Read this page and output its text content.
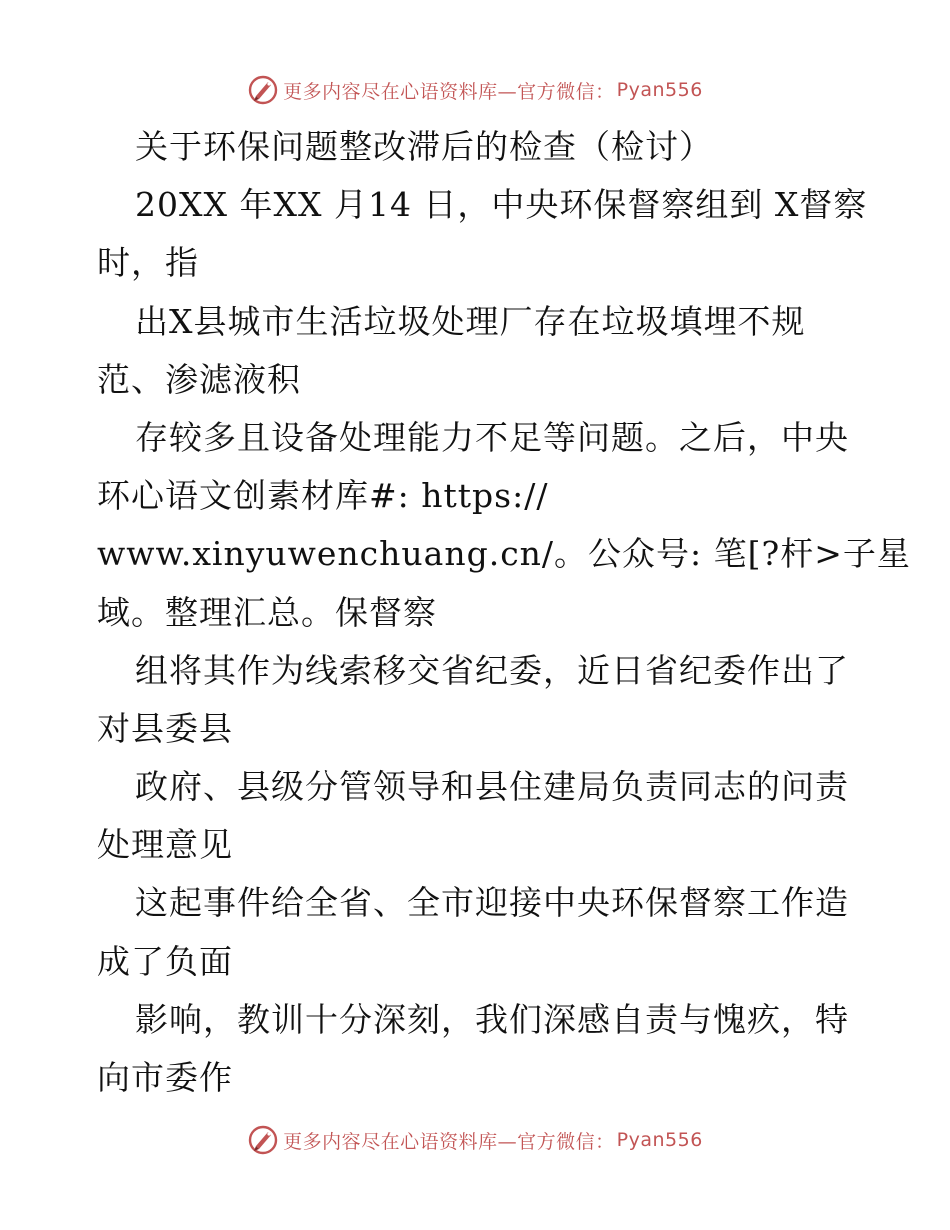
更多内容尽在心语资料库—官方微信： Pyan556
关于环保问题整改滞后的检查（检讨）
20XX 年XX 月14 日，中央环保督察组到 X督察
时，指
出X县城市生活垃圾处理厂存在垃圾填埋不规
范、渗滤液积
存较多且设备处理能力不足等问题。之后，中央
环心语文创素材库#: https://
www.xinyuwenchuang.cn/。公众号: 笔[?杆>子星
域。整理汇总。保督察
组将其作为线索移交省纪委，近日省纪委作出了
对县委县
政府、县级分管领导和县住建局负责同志的问责
处理意见
这起事件给全省、全市迎接中央环保督察工作造
成了负面
影响，教训十分深刻，我们深感自责与愧疚，特
向市委作
更多内容尽在心语资料库—官方微信： Pyan556
